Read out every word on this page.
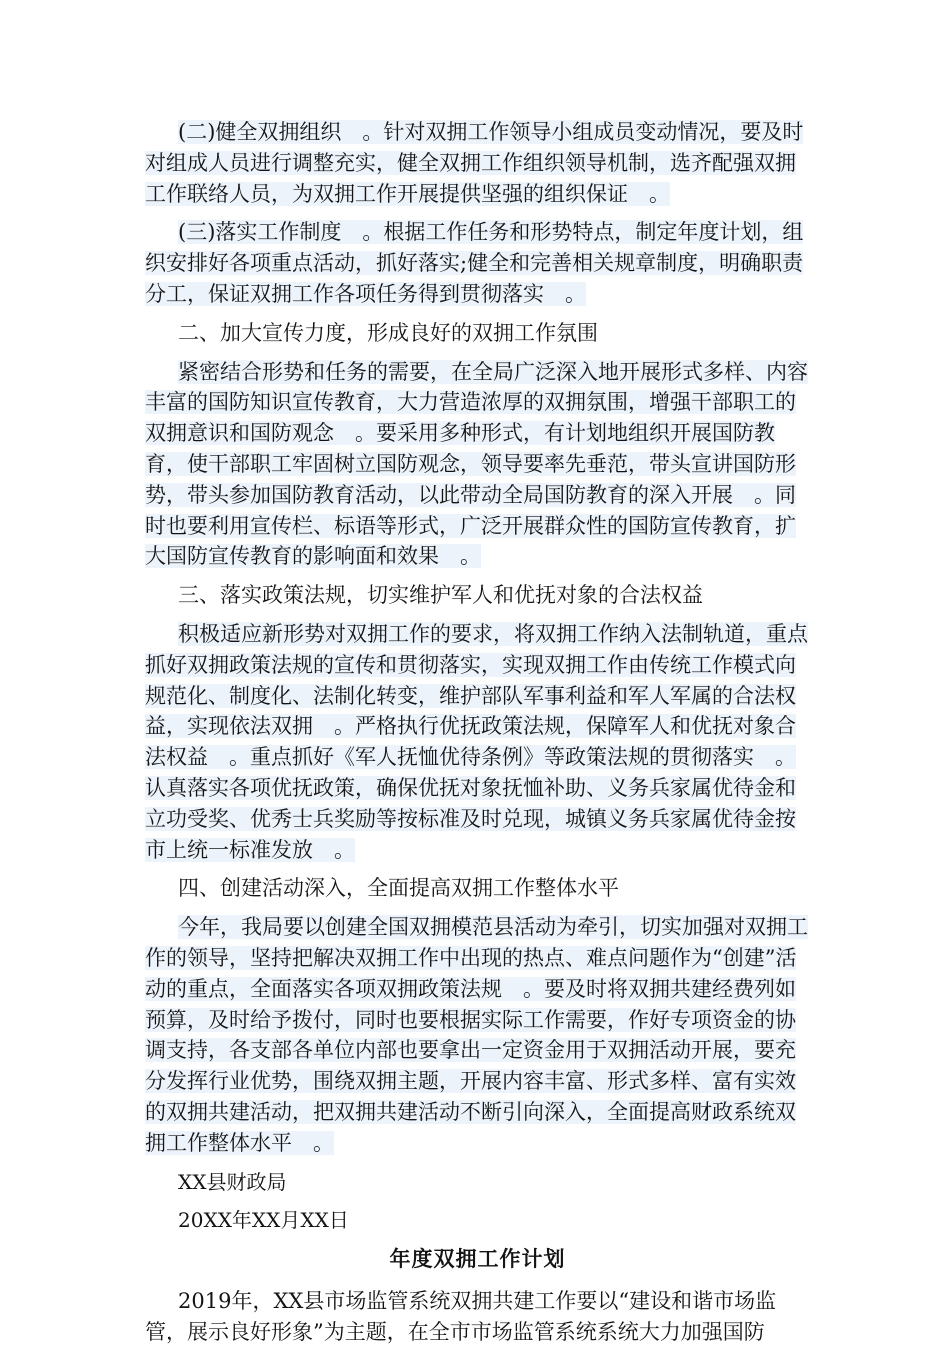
(二)健全双拥组织　。针对双拥工作领导小组成员变动情况，要及时对组成人员进行调整充实，健全双拥工作组织领导机制，选齐配强双拥工作联络人员，为双拥工作开展提供坚强的组织保证　。

(三)落实工作制度　。根据工作任务和形势特点，制定年度计划，组织安排好各项重点活动，抓好落实;健全和完善相关规章制度，明确职责分工，保证双拥工作各项任务得到贯彻落实　。

二、加大宣传力度，形成良好的双拥工作氛围

紧密结合形势和任务的需要，在全局广泛深入地开展形式多样、内容丰富的国防知识宣传教育，大力营造浓厚的双拥氛围，增强干部职工的双拥意识和国防观念　。要采用多种形式，有计划地组织开展国防教育，使干部职工牢固树立国防观念，领导要率先垂范，带头宣讲国防形势，带头参加国防教育活动，以此带动全局国防教育的深入开展　。同时也要利用宣传栏、标语等形式，广泛开展群众性的国防宣传教育，扩大国防宣传教育的影响面和效果　。

三、落实政策法规，切实维护军人和优抚对象的合法权益

积极适应新形势对双拥工作的要求，将双拥工作纳入法制轨道，重点抓好双拥政策法规的宣传和贯彻落实，实现双拥工作由传统工作模式向规范化、制度化、法制化转变，维护部队军事利益和军人军属的合法权益，实现依法双拥　。严格执行优抚政策法规，保障军人和优抚对象合法权益　。重点抓好《军人抚恤优待条例》等政策法规的贯彻落实　。认真落实各项优抚政策，确保优抚对象抚恤补助、义务兵家属优待金和立功受奖、优秀士兵奖励等按标准及时兑现，城镇义务兵家属优待金按市上统一标准发放　。

四、创建活动深入，全面提高双拥工作整体水平

今年，我局要以创建全国双拥模范县活动为牵引，切实加强对双拥工作的领导，坚持把解决双拥工作中出现的热点、难点问题作为“创建”活动的重点，全面落实各项双拥政策法规　。要及时将双拥共建经费列如预算，及时给予拨付，同时也要根据实际工作需要，作好专项资金的协调支持，各支部各单位内部也要拿出一定资金用于双拥活动开展，要充分发挥行业优势，围绕双拥主题，开展内容丰富、形式多样、富有实效的双拥共建活动，把双拥共建活动不断引向深入，全面提高财政系统双拥工作整体水平　。

XX县财政局

20XX年XX月XX日

年度双拥工作计划

2019年，XX县市场监管系统双拥共建工作要以“建设和谐市场监管，展示良好形象”为主题，在全市市场监管系统系统大力加强国防
